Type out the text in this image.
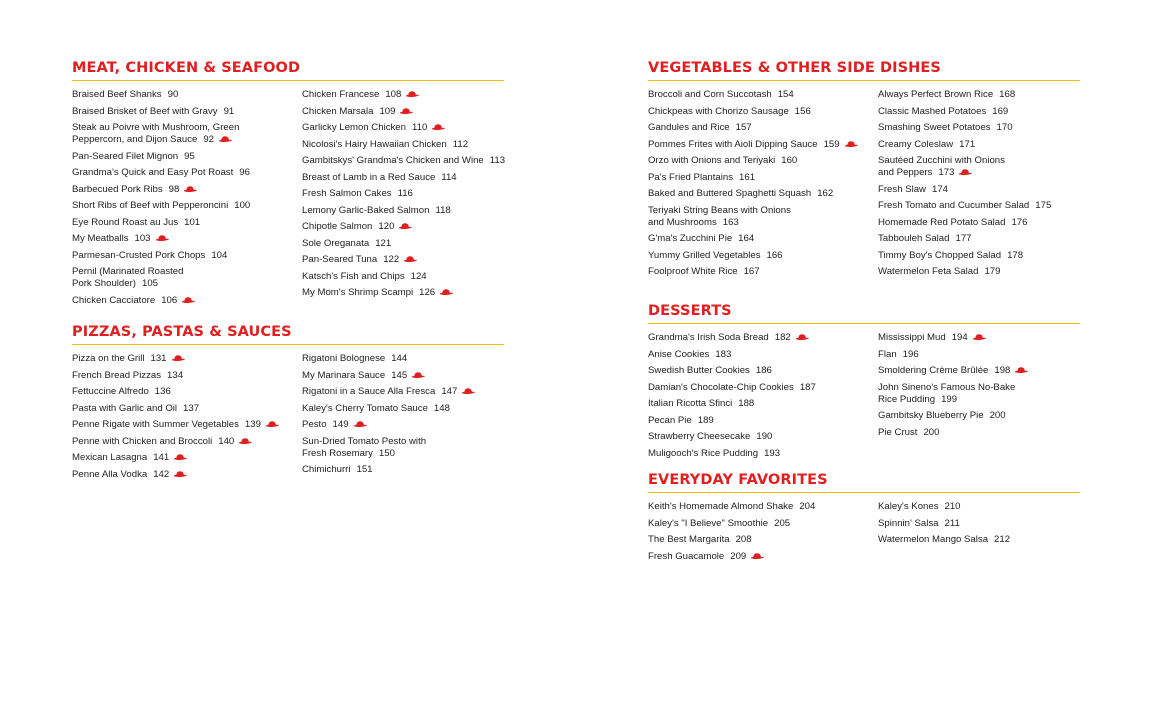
MEAT, CHICKEN & SEAFOOD
Braised Beef Shanks 90
Braised Brisket of Beef with Gravy 91
Steak au Poivre with Mushroom, Green
Peppercorn, and Dijon Sauce 92
Pan-Seared Filet Mignon 95
Grandma's Quick and Easy Pot Roast 96
Barbecued Pork Ribs 98
Short Ribs of Beef with Pepperoncini 100
Eye Round Roast au Jus 101
My Meatballs 103
Parmesan-Crusted Pork Chops 104
Pernil (Marinated Roasted
Pork Shoulder) 105
Chicken Cacciatore 106
Chicken Francese 108
Chicken Marsala 109
Garlicky Lemon Chicken 110
Nicolosi's Hairy Hawaiian Chicken 112
Gambitskys' Grandma's Chicken and Wine 113
Breast of Lamb in a Red Sauce 114
Fresh Salmon Cakes 116
Lemony Garlic-Baked Salmon 118
Chipotle Salmon 120
Sole Oreganata 121
Pan-Seared Tuna 122
Katsch's Fish and Chips 124
My Mom's Shrimp Scampi 126
PIZZAS, PASTAS & SAUCES
Pizza on the Grill 131
French Bread Pizzas 134
Fettuccine Alfredo 136
Pasta with Garlic and Oil 137
Penne Rigate with Summer Vegetables 139
Penne with Chicken and Broccoli 140
Mexican Lasagna 141
Penne Alla Vodka 142
Rigatoni Bolognese 144
My Marinara Sauce 145
Rigatoni in a Sauce Alla Fresca 147
Kaley's Cherry Tomato Sauce 148
Pesto 149
Sun-Dried Tomato Pesto with
Fresh Rosemary 150
Chimichurri 151
VEGETABLES & OTHER SIDE DISHES
Broccoli and Corn Succotash 154
Chickpeas with Chorizo Sausage 156
Gandules and Rice 157
Pommes Frites with Aioli Dipping Sauce 159
Orzo with Onions and Teriyaki 160
Pa's Fried Plantains 161
Baked and Buttered Spaghetti Squash 162
Teriyaki String Beans with Onions
and Mushrooms 163
G'ma's Zucchini Pie 164
Yummy Grilled Vegetables 166
Foolproof White Rice 167
Always Perfect Brown Rice 168
Classic Mashed Potatoes 169
Smashing Sweet Potatoes 170
Creamy Coleslaw 171
Sautéed Zucchini with Onions
and Peppers 173
Fresh Slaw 174
Fresh Tomato and Cucumber Salad 175
Homemade Red Potato Salad 176
Tabbouleh Salad 177
Timmy Boy's Chopped Salad 178
Watermelon Feta Salad 179
DESSERTS
Grandma's Irish Soda Bread 182
Anise Cookies 183
Swedish Butter Cookies 186
Damian's Chocolate-Chip Cookies 187
Italian Ricotta Sfinci 188
Pecan Pie 189
Strawberry Cheesecake 190
Muligooch's Rice Pudding 193
Mississippi Mud 194
Flan 196
Smoldering Crème Brûlée 198
John Sineno's Famous No-Bake
Rice Pudding 199
Gambitsky Blueberry Pie 200
Pie Crust 200
EVERYDAY FAVORITES
Keith's Homemade Almond Shake 204
Kaley's "I Believe" Smoothie 205
The Best Margarita 208
Fresh Guacamole 209
Kaley's Kones 210
Spinnin' Salsa 211
Watermelon Mango Salsa 212
